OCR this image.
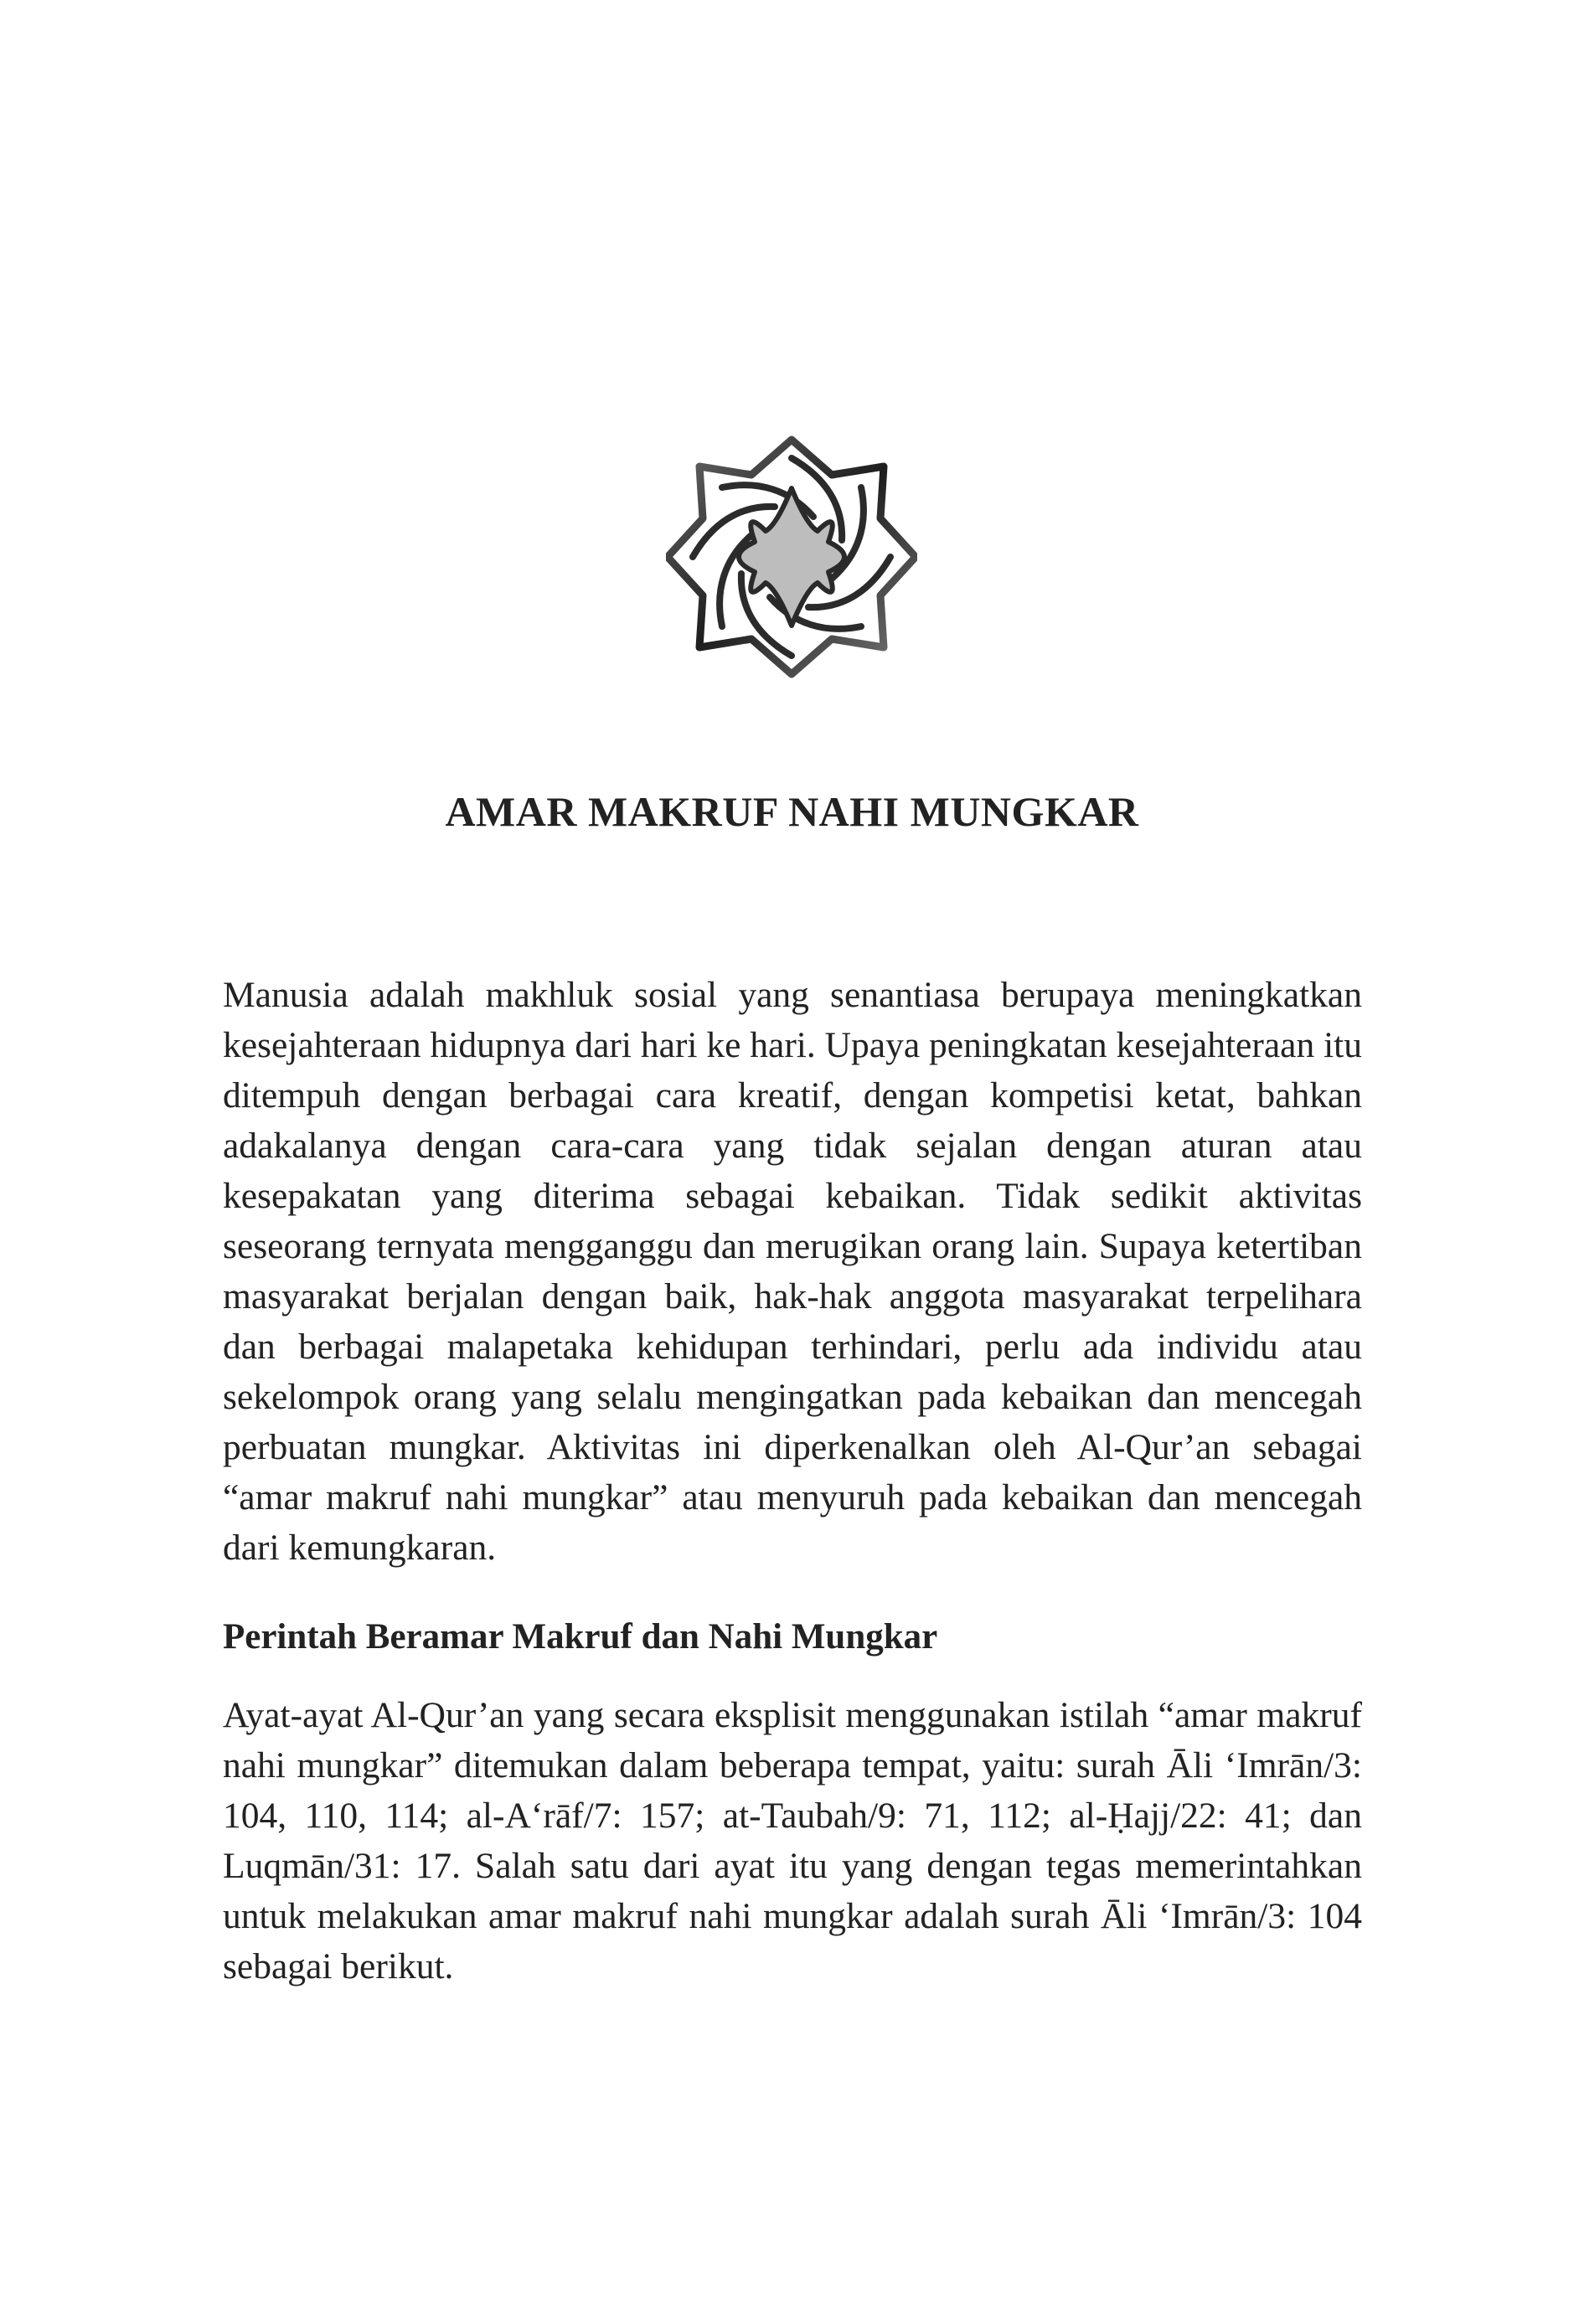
AMAR MAKRUF NAHI MUNGKAR

Manusia adalah makhluk sosial yang senantiasa berupaya meningkatkan kesejahteraan hidupnya dari hari ke hari. Upaya peningkatan kesejahteraan itu ditempuh dengan berbagai cara kreatif, dengan kompetisi ketat, bahkan adakalanya dengan cara-cara yang tidak sejalan dengan aturan atau kesepakatan yang diterima sebagai kebaikan. Tidak sedikit aktivitas seseorang ternyata mengganggu dan merugikan orang lain. Supaya ketertiban masyarakat berjalan dengan baik, hak-hak anggota masyarakat terpelihara dan berbagai malapetaka kehidupan terhindari, perlu ada individu atau sekelompok orang yang selalu mengingatkan pada kebaikan dan mencegah perbuatan mungkar. Aktivitas ini diperkenalkan oleh Al-Qur’an sebagai “amar makruf nahi mungkar” atau menyuruh pada kebaikan dan mencegah dari kemungkaran.

Perintah Beramar Makruf dan Nahi Mungkar

Ayat-ayat Al-Qur’an yang secara eksplisit menggunakan istilah “amar makruf nahi mungkar” ditemukan dalam beberapa tempat, yaitu: surah Āli ‘Imrān/3: 104, 110, 114; al-A‘rāf/7: 157; at-Taubah/9: 71, 112; al-Ḥajj/22: 41; dan Luqmān/31: 17. Salah satu dari ayat itu yang dengan tegas memerintahkan untuk melakukan amar makruf nahi mungkar adalah surah Āli ‘Imrān/3: 104 sebagai berikut.
